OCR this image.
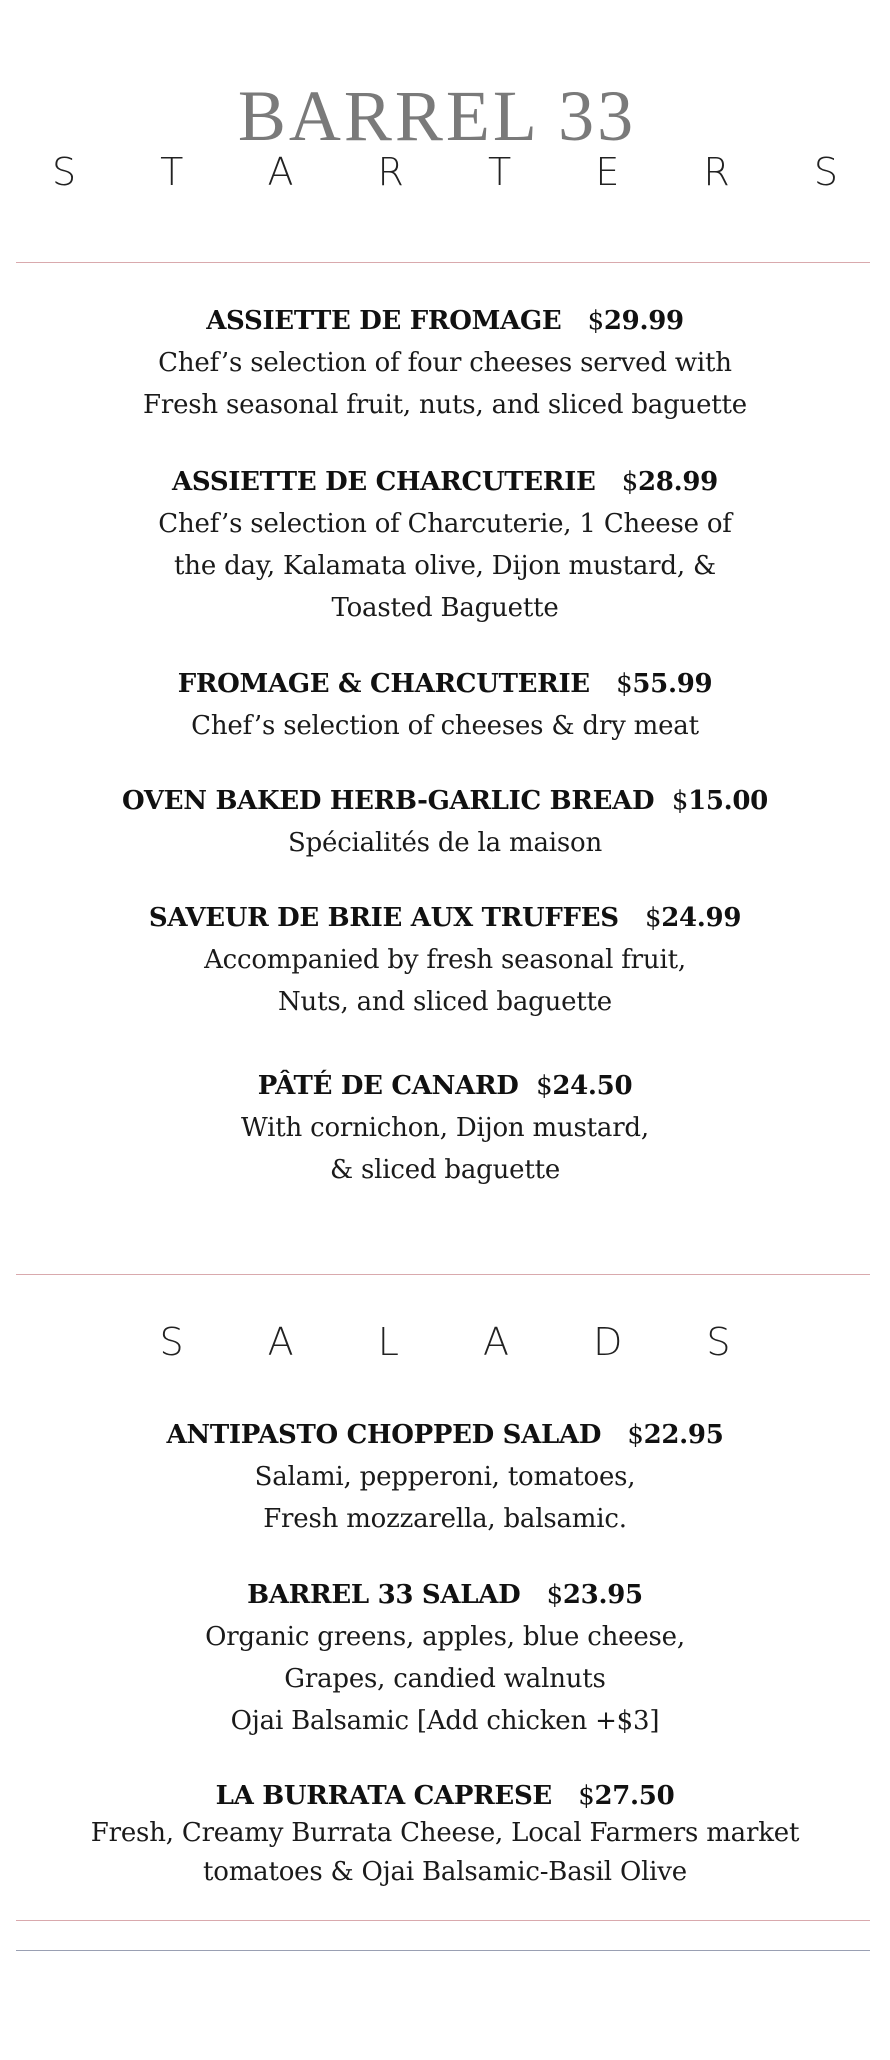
BARREL 33
S T A R T E R S
ASSIETTE DE FROMAGE $29.99
Chef’s selection of four cheeses served with
Fresh seasonal fruit, nuts, and sliced baguette
ASSIETTE DE CHARCUTERIE $28.99
Chef’s selection of Charcuterie, 1 Cheese of
the day, Kalamata olive, Dijon mustard, &
Toasted Baguette
FROMAGE & CHARCUTERIE $55.99
Chef’s selection of cheeses & dry meat
OVEN BAKED HERB-GARLIC BREAD $15.00
Spécialités de la maison
SAVEUR DE BRIE AUX TRUFFES $24.99
Accompanied by fresh seasonal fruit,
Nuts, and sliced baguette
PÂTÉ DE CANARD $24.50
With cornichon, Dijon mustard,
& sliced baguette
S A L A D S
ANTIPASTO CHOPPED SALAD $22.95
Salami, pepperoni, tomatoes,
Fresh mozzarella, balsamic.
BARREL 33 SALAD $23.95
Organic greens, apples, blue cheese,
Grapes, candied walnuts
Ojai Balsamic [Add chicken +$3]
LA BURRATA CAPRESE $27.50
Fresh, Creamy Burrata Cheese, Local Farmers market
tomatoes & Ojai Balsamic-Basil Olive
